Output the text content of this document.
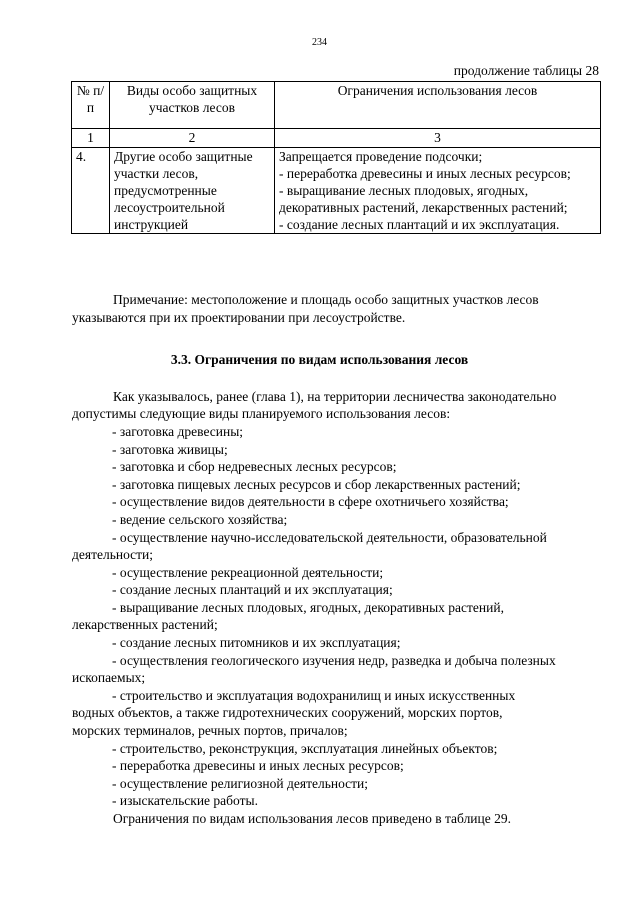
234
продолжение таблицы 28
№ п/п	Виды особо защитных участков лесов	Ограничения использования лесов
1	2	3
4.	Другие особо защитные участки лесов, предусмотренные лесоустроительной инструкцией	Запрещается проведение подсочки;
- переработка древесины и иных лесных ресурсов;
- выращивание лесных плодовых, ягодных, декоративных растений, лекарственных растений;
- создание лесных плантаций и их эксплуатация.
Примечание: местоположение и площадь особо защитных участков лесов
указываются при их проектировании при лесоустройстве.
3.3. Ограничения по видам использования лесов
Как указывалось, ранее (глава 1), на территории лесничества законодательно
допустимы следующие виды планируемого использования лесов:
- заготовка древесины;
- заготовка живицы;
- заготовка и сбор недревесных лесных ресурсов;
- заготовка пищевых лесных ресурсов и сбор лекарственных растений;
- осуществление видов деятельности в сфере охотничьего хозяйства;
- ведение сельского хозяйства;
- осуществление научно-исследовательской деятельности, образовательной
деятельности;
- осуществление рекреационной деятельности;
- создание лесных плантаций и их эксплуатация;
- выращивание лесных плодовых, ягодных, декоративных растений,
лекарственных растений;
- создание лесных питомников и их эксплуатация;
- осуществления геологического изучения недр, разведка и добыча полезных
ископаемых;
- строительство и эксплуатация водохранилищ и иных искусственных
водных объектов, а также гидротехнических сооружений, морских портов,
морских терминалов, речных портов, причалов;
- строительство, реконструкция, эксплуатация линейных объектов;
- переработка древесины и иных лесных ресурсов;
- осуществление религиозной деятельности;
- изыскательские работы.
Ограничения по видам использования лесов приведено в таблице 29.
